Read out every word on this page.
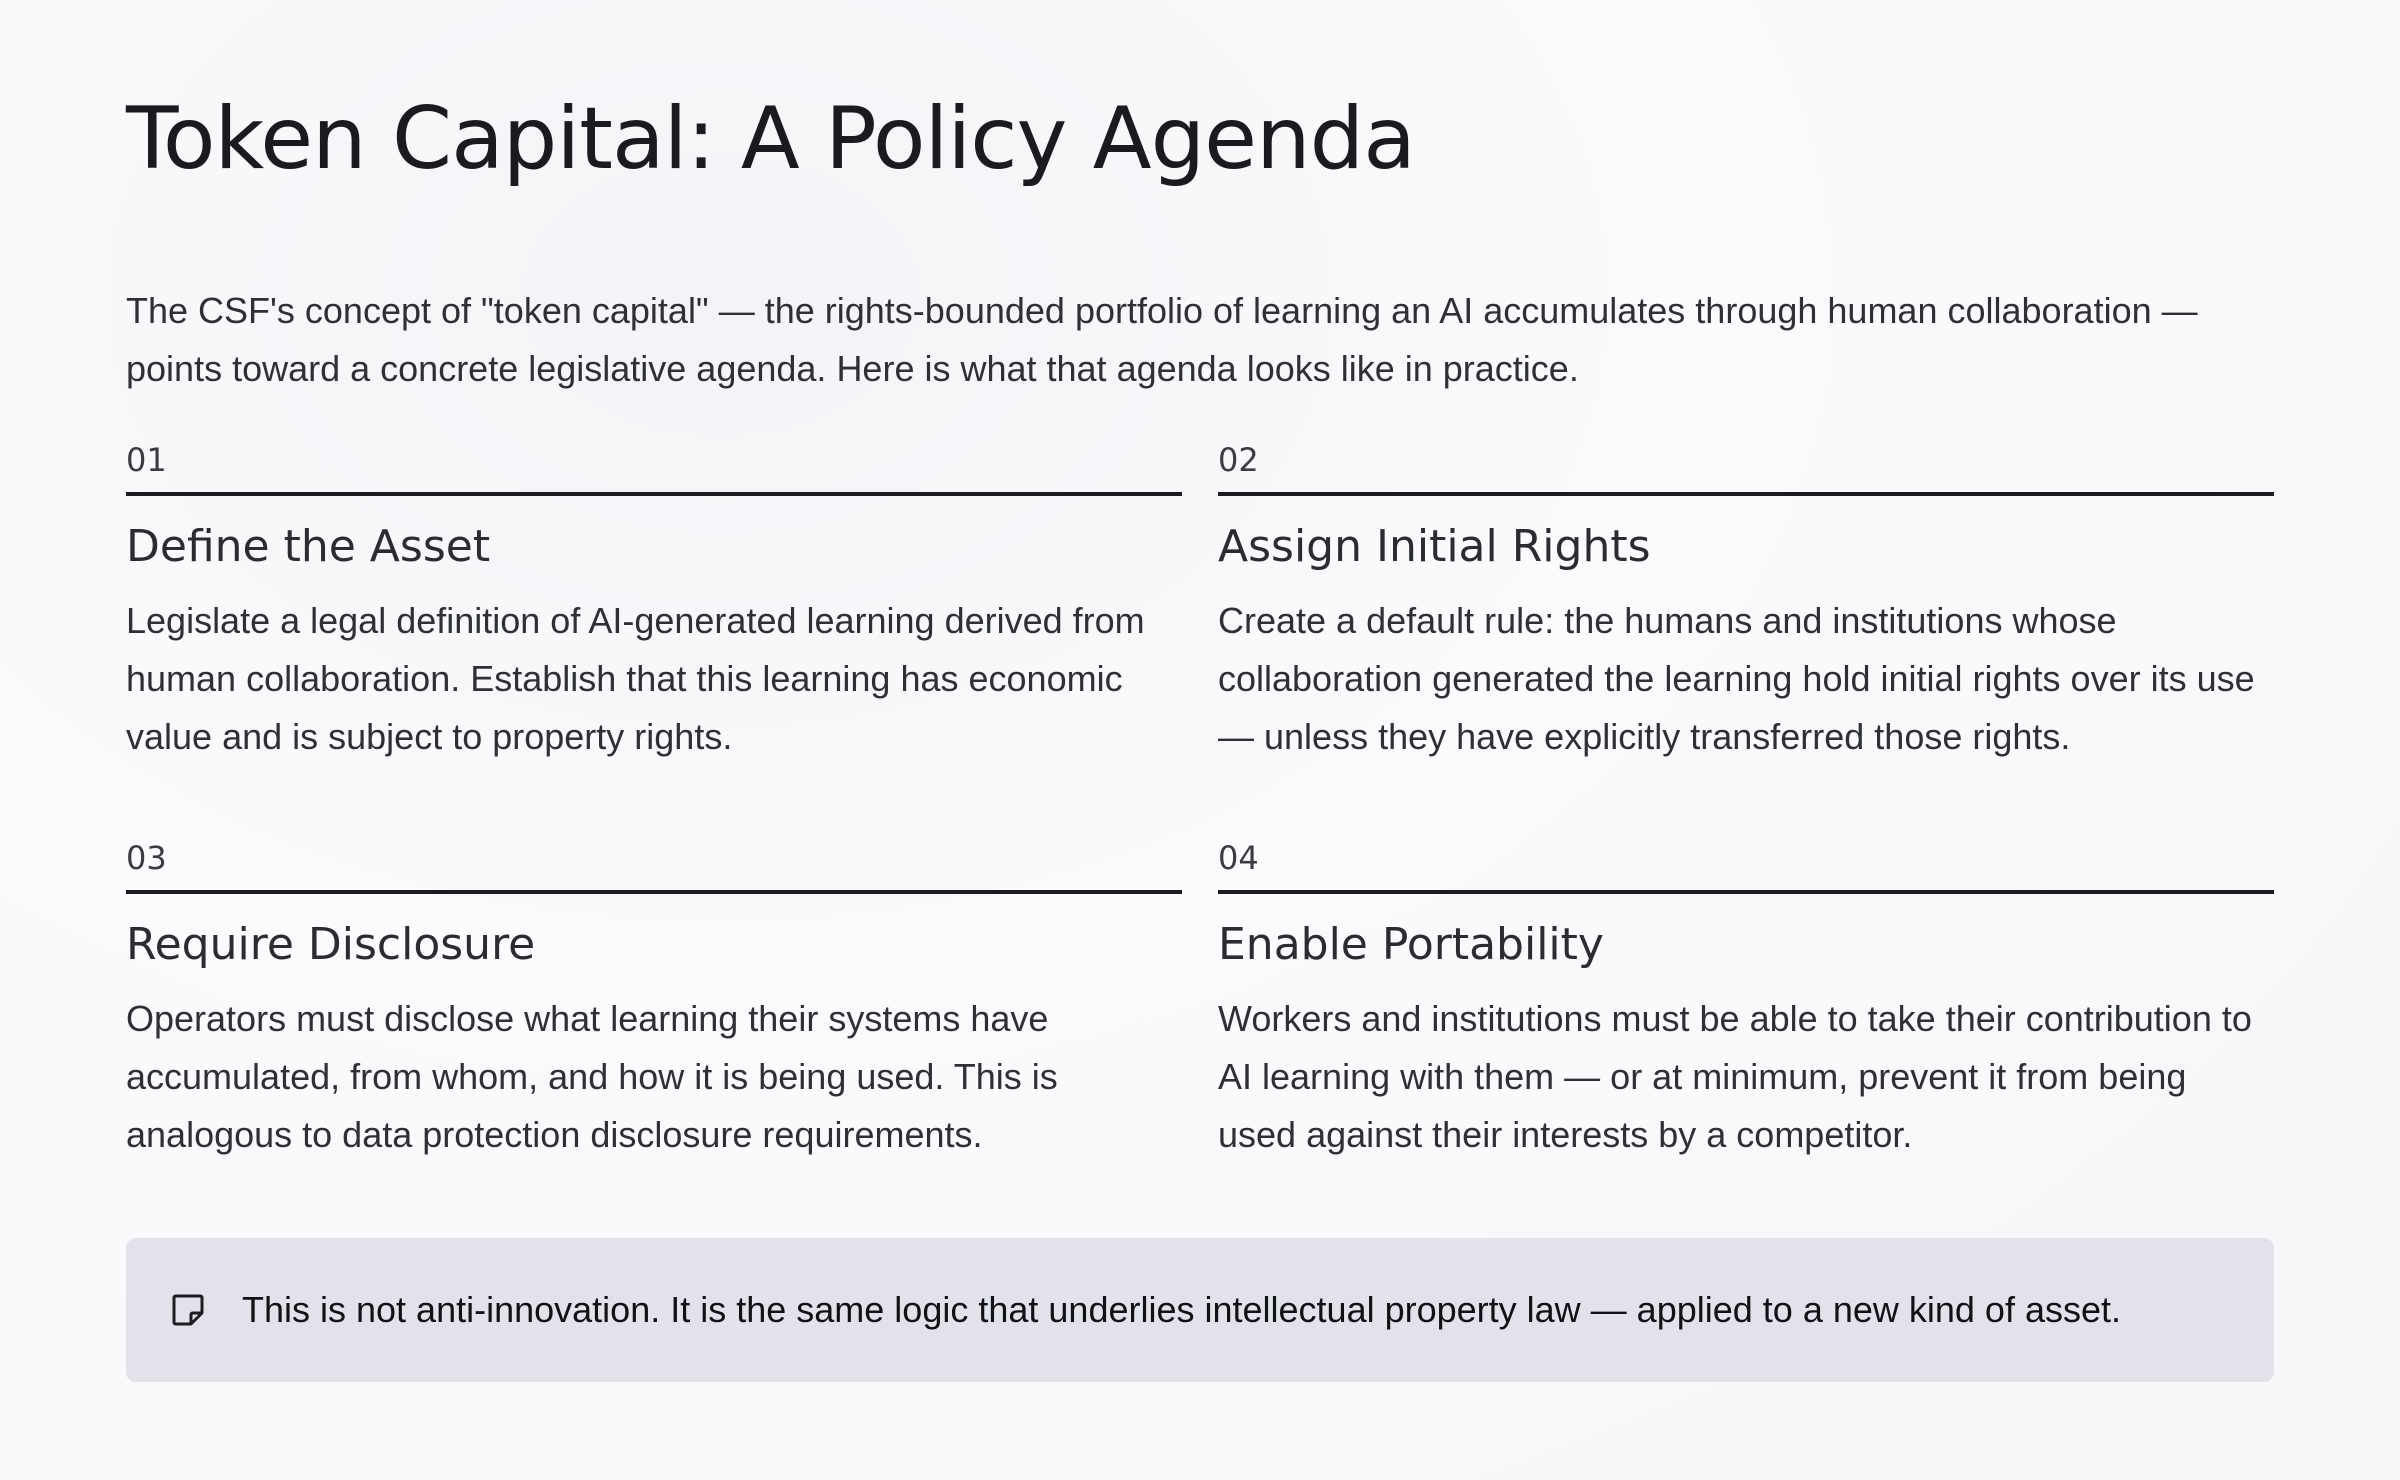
Token Capital: A Policy Agenda

The CSF's concept of "token capital" — the rights-bounded portfolio of learning an AI accumulates through human collaboration — points toward a concrete legislative agenda. Here is what that agenda looks like in practice.

01
Define the Asset

Legislate a legal definition of AI-generated learning derived from human collaboration. Establish that this learning has economic value and is subject to property rights.

02
Assign Initial Rights

Create a default rule: the humans and institutions whose collaboration generated the learning hold initial rights over its use — unless they have explicitly transferred those rights.

03
Require Disclosure

Operators must disclose what learning their systems have accumulated, from whom, and how it is being used. This is analogous to data protection disclosure requirements.

04
Enable Portability

Workers and institutions must be able to take their contribution to AI learning with them — or at minimum, prevent it from being used against their interests by a competitor.

This is not anti-innovation. It is the same logic that underlies intellectual property law — applied to a new kind of asset.
